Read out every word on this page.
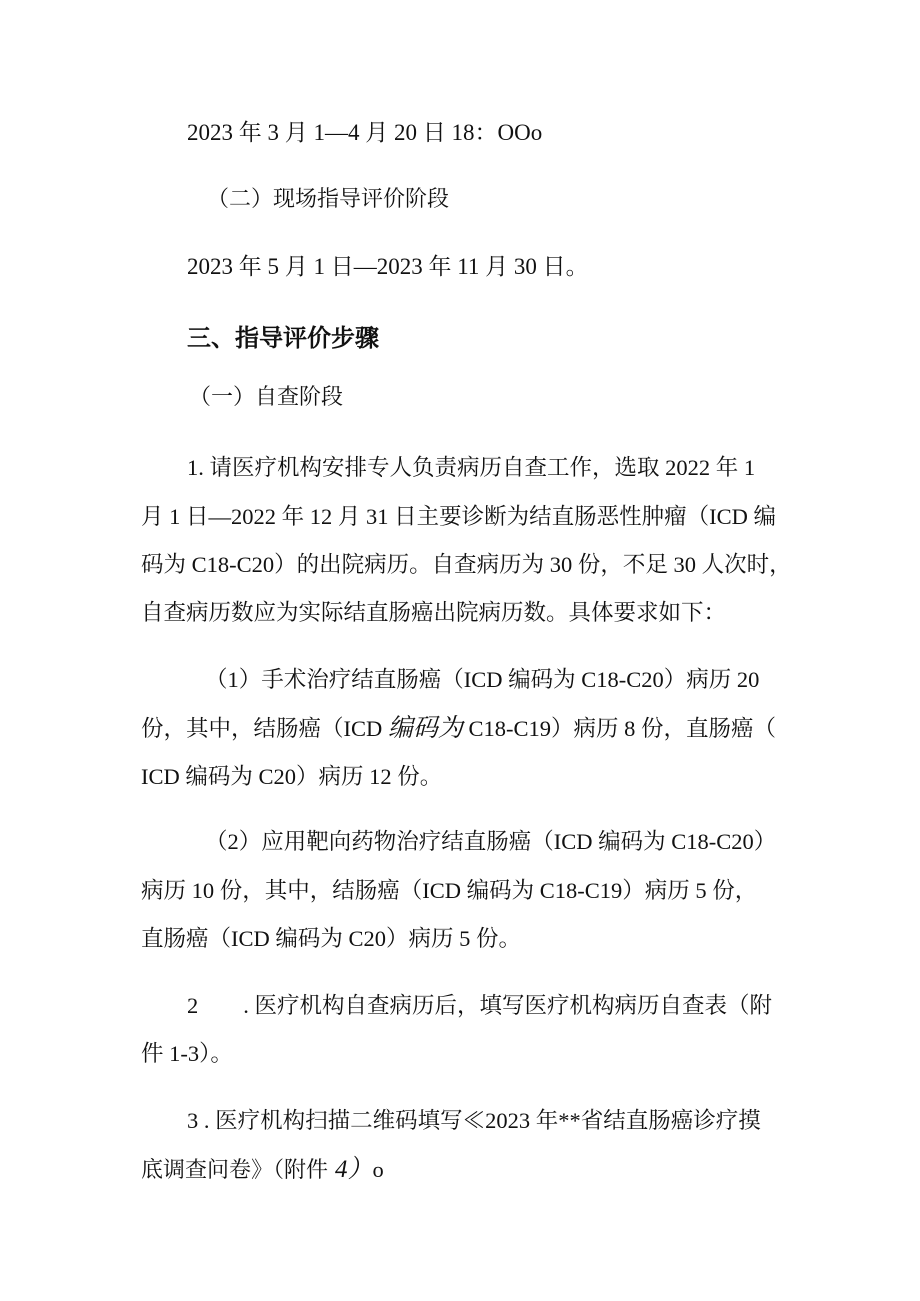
2023 年 3 月 1—4 月 20 日 18：OOo
（二）现场指导评价阶段
2023 年 5 月 1 日—2023 年 11 月 30 日。
三、指导评价步骤
（一）自查阶段
1. 请医疗机构安排专人负责病历自查工作，选取 2022 年 1
月 1 日—2022 年 12 月 31 日主要诊断为结直肠恶性肿瘤（ICD 编
码为 C18-C20）的出院病历。自查病历为 30 份，不足 30 人次时，
自查病历数应为实际结直肠癌出院病历数。具体要求如下：
（1）手术治疗结直肠癌（ICD 编码为 C18-C20）病历 20
份，其中，结肠癌（ICD 编码为 C18-C19）病历 8 份，直肠癌（
ICD 编码为 C20）病历 12 份。
（2）应用靶向药物治疗结直肠癌（ICD 编码为 C18-C20）
病历 10 份，其中，结肠癌（ICD 编码为 C18-C19）病历 5 份，
直肠癌（ICD 编码为 C20）病历 5 份。
2　　. 医疗机构自查病历后，填写医疗机构病历自查表（附
件 1-3）。
3 . 医疗机构扫描二维码填写≪2023 年**省结直肠癌诊疗摸
底调查问卷》（附件 4）o
